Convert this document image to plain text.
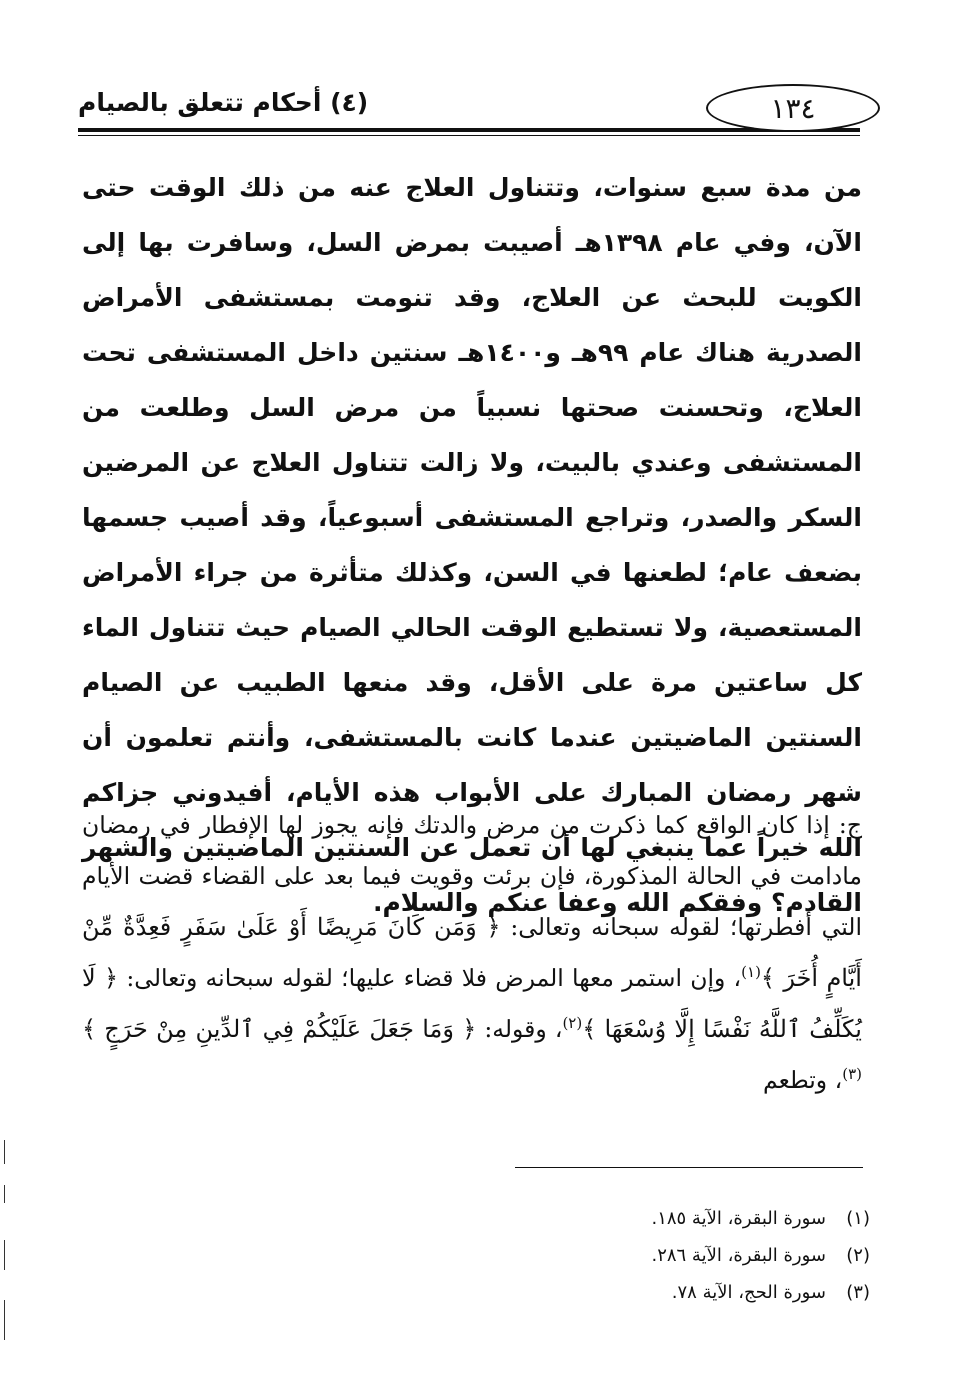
(٤) أحكام تتعلق بالصيام	١٣٤

من مدة سبع سنوات، وتتناول العلاج عنه من ذلك الوقت حتى الآن، وفي عام ١٣٩٨هـ أصيبت بمرض السل، وسافرت بها إلى الكويت للبحث عن العلاج، وقد تنومت بمستشفى الأمراض الصدرية هناك عام ٩٩هـ و١٤٠٠هـ سنتين داخل المستشفى تحت العلاج، وتحسنت صحتها نسبياً من مرض السل وطلعت من المستشفى وعندي بالبيت، ولا زالت تتناول العلاج عن المرضين السكر والصدر، وتراجع المستشفى أسبوعياً، وقد أصيب جسمها بضعف عام؛ لطعنها في السن، وكذلك متأثرة من جراء الأمراض المستعصية، ولا تستطيع الوقت الحالي الصيام حيث تتناول الماء كل ساعتين مرة على الأقل، وقد منعها الطبيب عن الصيام السنتين الماضيتين عندما كانت بالمستشفى، وأنتم تعلمون أن شهر رمضان المبارك على الأبواب هذه الأيام، أفيدوني جزاكم الله خيراً عما ينبغي لها أن تعمل عن السنتين الماضيتين والشهر القادم؟ وفقكم الله وعفا عنكم والسلام.

ج: إذا كان الواقع كما ذكرت من مرض والدتك فإنه يجوز لها الإفطار في رمضان مادامت في الحالة المذكورة، فإن برئت وقويت فيما بعد على القضاء قضت الأيام التي أفطرتها؛ لقوله سبحانه وتعالى: ﴿ وَمَن كَانَ مَرِيضًا أَوْ عَلَىٰ سَفَرٍ فَعِدَّةٌ مِّنْ أَيَّامٍ أُخَرَ ﴾$^{(١)}$، وإن استمر معها المرض فلا قضاء عليها؛ لقوله سبحانه وتعالى: ﴿ لَا يُكَلِّفُ ٱللَّهُ نَفْسًا إِلَّا وُسْعَهَا ﴾$^{(٢)}$، وقوله: ﴿ وَمَا جَعَلَ عَلَيْكُمْ فِي ٱلدِّينِ مِنْ حَرَجٍ ﴾$^{(٣)}$، وتطعم

(١)سورة البقرة، الآية ١٨٥.
(٢)سورة البقرة، الآية ٢٨٦.
(٣)سورة الحج، الآية ٧٨.
